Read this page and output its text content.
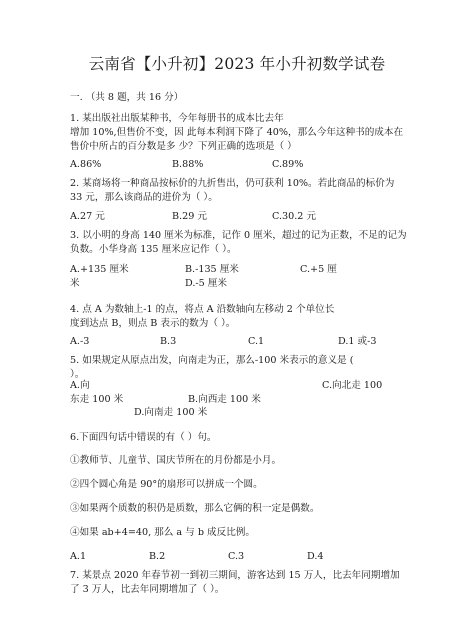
云南省【小升初】2023 年小升初数学试卷
一. （共 8 题，共 16 分）
1. 某出版社出版某种书，今年每册书的成本比去年
增加 10%,但售价不变，因 此每本利润下降了 40%，那么今年这种书的成本在
售价中所占的百分数是多 少？下列正确的选项是（ ）
A.86%	B.88%	C.89%
2. 某商场将一种商品按标价的九折售出，仍可获利 10%。若此商品的标价为
33 元，那么该商品的进价为（ ）。
A.27 元	B.29 元	C.30.2 元
3. 以小明的身高 140 厘米为标准，记作 0 厘米，超过的记为正数，不足的记为
负数。小华身高 135 厘米应记作（ ）。
A.+135 厘米	B.-135 厘米	C.+5 厘
米	D.-5 厘米
4. 点 A 为数轴上-1 的点，将点 A 沿数轴向左移动 2 个单位长
度到达点 B，则点 B 表示的数为（ ）。
A.-3	B.3	C.1	D.1 或-3
5. 如果规定从原点出发，向南走为正，那么-100 米表示的意义是 (
）。
A.向	C.向北走 100
东走 100 米	B.向西走 100 米
D.向南走 100 米
6.下面四句话中错误的有（ ）句。
①教师节、儿童节、国庆节所在的月份都是小月。
②四个圆心角是 90°的扇形可以拼成一个圆。
③如果两个质数的积仍是质数，那么它俩的积一定是偶数。
④如果 ab+4=40, 那么 a 与 b 成反比例。
A.1	B.2	C.3	D.4
7. 某景点 2020 年春节初一到初三期间，游客达到 15 万人，比去年同期增加
了 3 万人，比去年同期增加了（ ）。
